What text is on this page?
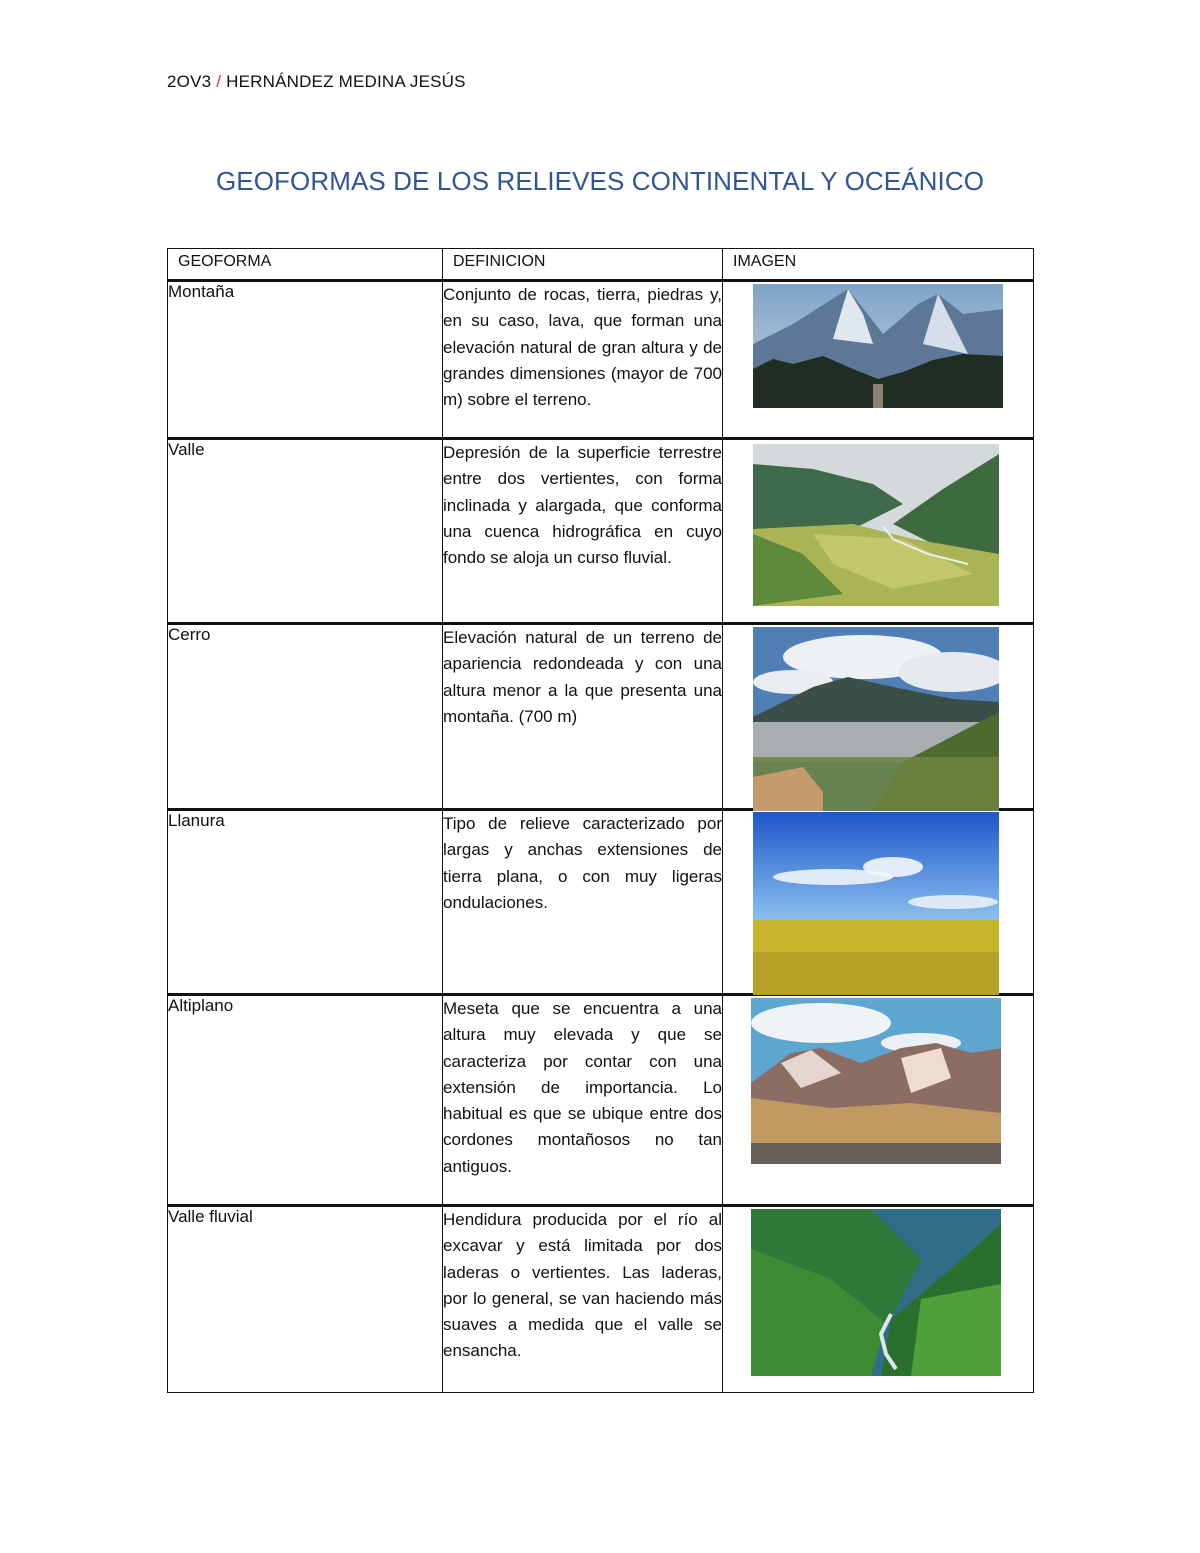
2OV3 / HERNÁNDEZ MEDINA JESÚS
GEOFORMAS DE LOS RELIEVES CONTINENTAL Y OCEÁNICO
GEOFORMA	DEFINICION	IMAGEN
Montaña	Conjunto de rocas, tierra, piedras y, en su caso, lava, que forman una elevación natural de gran altura y de grandes dimensiones (mayor de 700 m) sobre el terreno.	

Valle	Depresión de la superficie terrestre entre dos vertientes, con forma inclinada y alargada, que conforma una cuenca hidrográfica en cuyo fondo se aloja un curso fluvial.	

Cerro	Elevación natural de un terreno de apariencia redondeada y con una altura menor a la que presenta una montaña. (700 m)	

Llanura	Tipo de relieve caracterizado por largas y anchas extensiones de tierra plana, o con muy ligeras ondulaciones.	

Altiplano	Meseta que se encuentra a una altura muy elevada y que se caracteriza por contar con una extensión de importancia. Lo habitual es que se ubique entre dos cordones montañosos no tan antiguos.	

Valle fluvial	Hendidura producida por el río al excavar y está limitada por dos laderas o vertientes. Las laderas, por lo general, se van haciendo más suaves a medida que el valle se ensancha.	
